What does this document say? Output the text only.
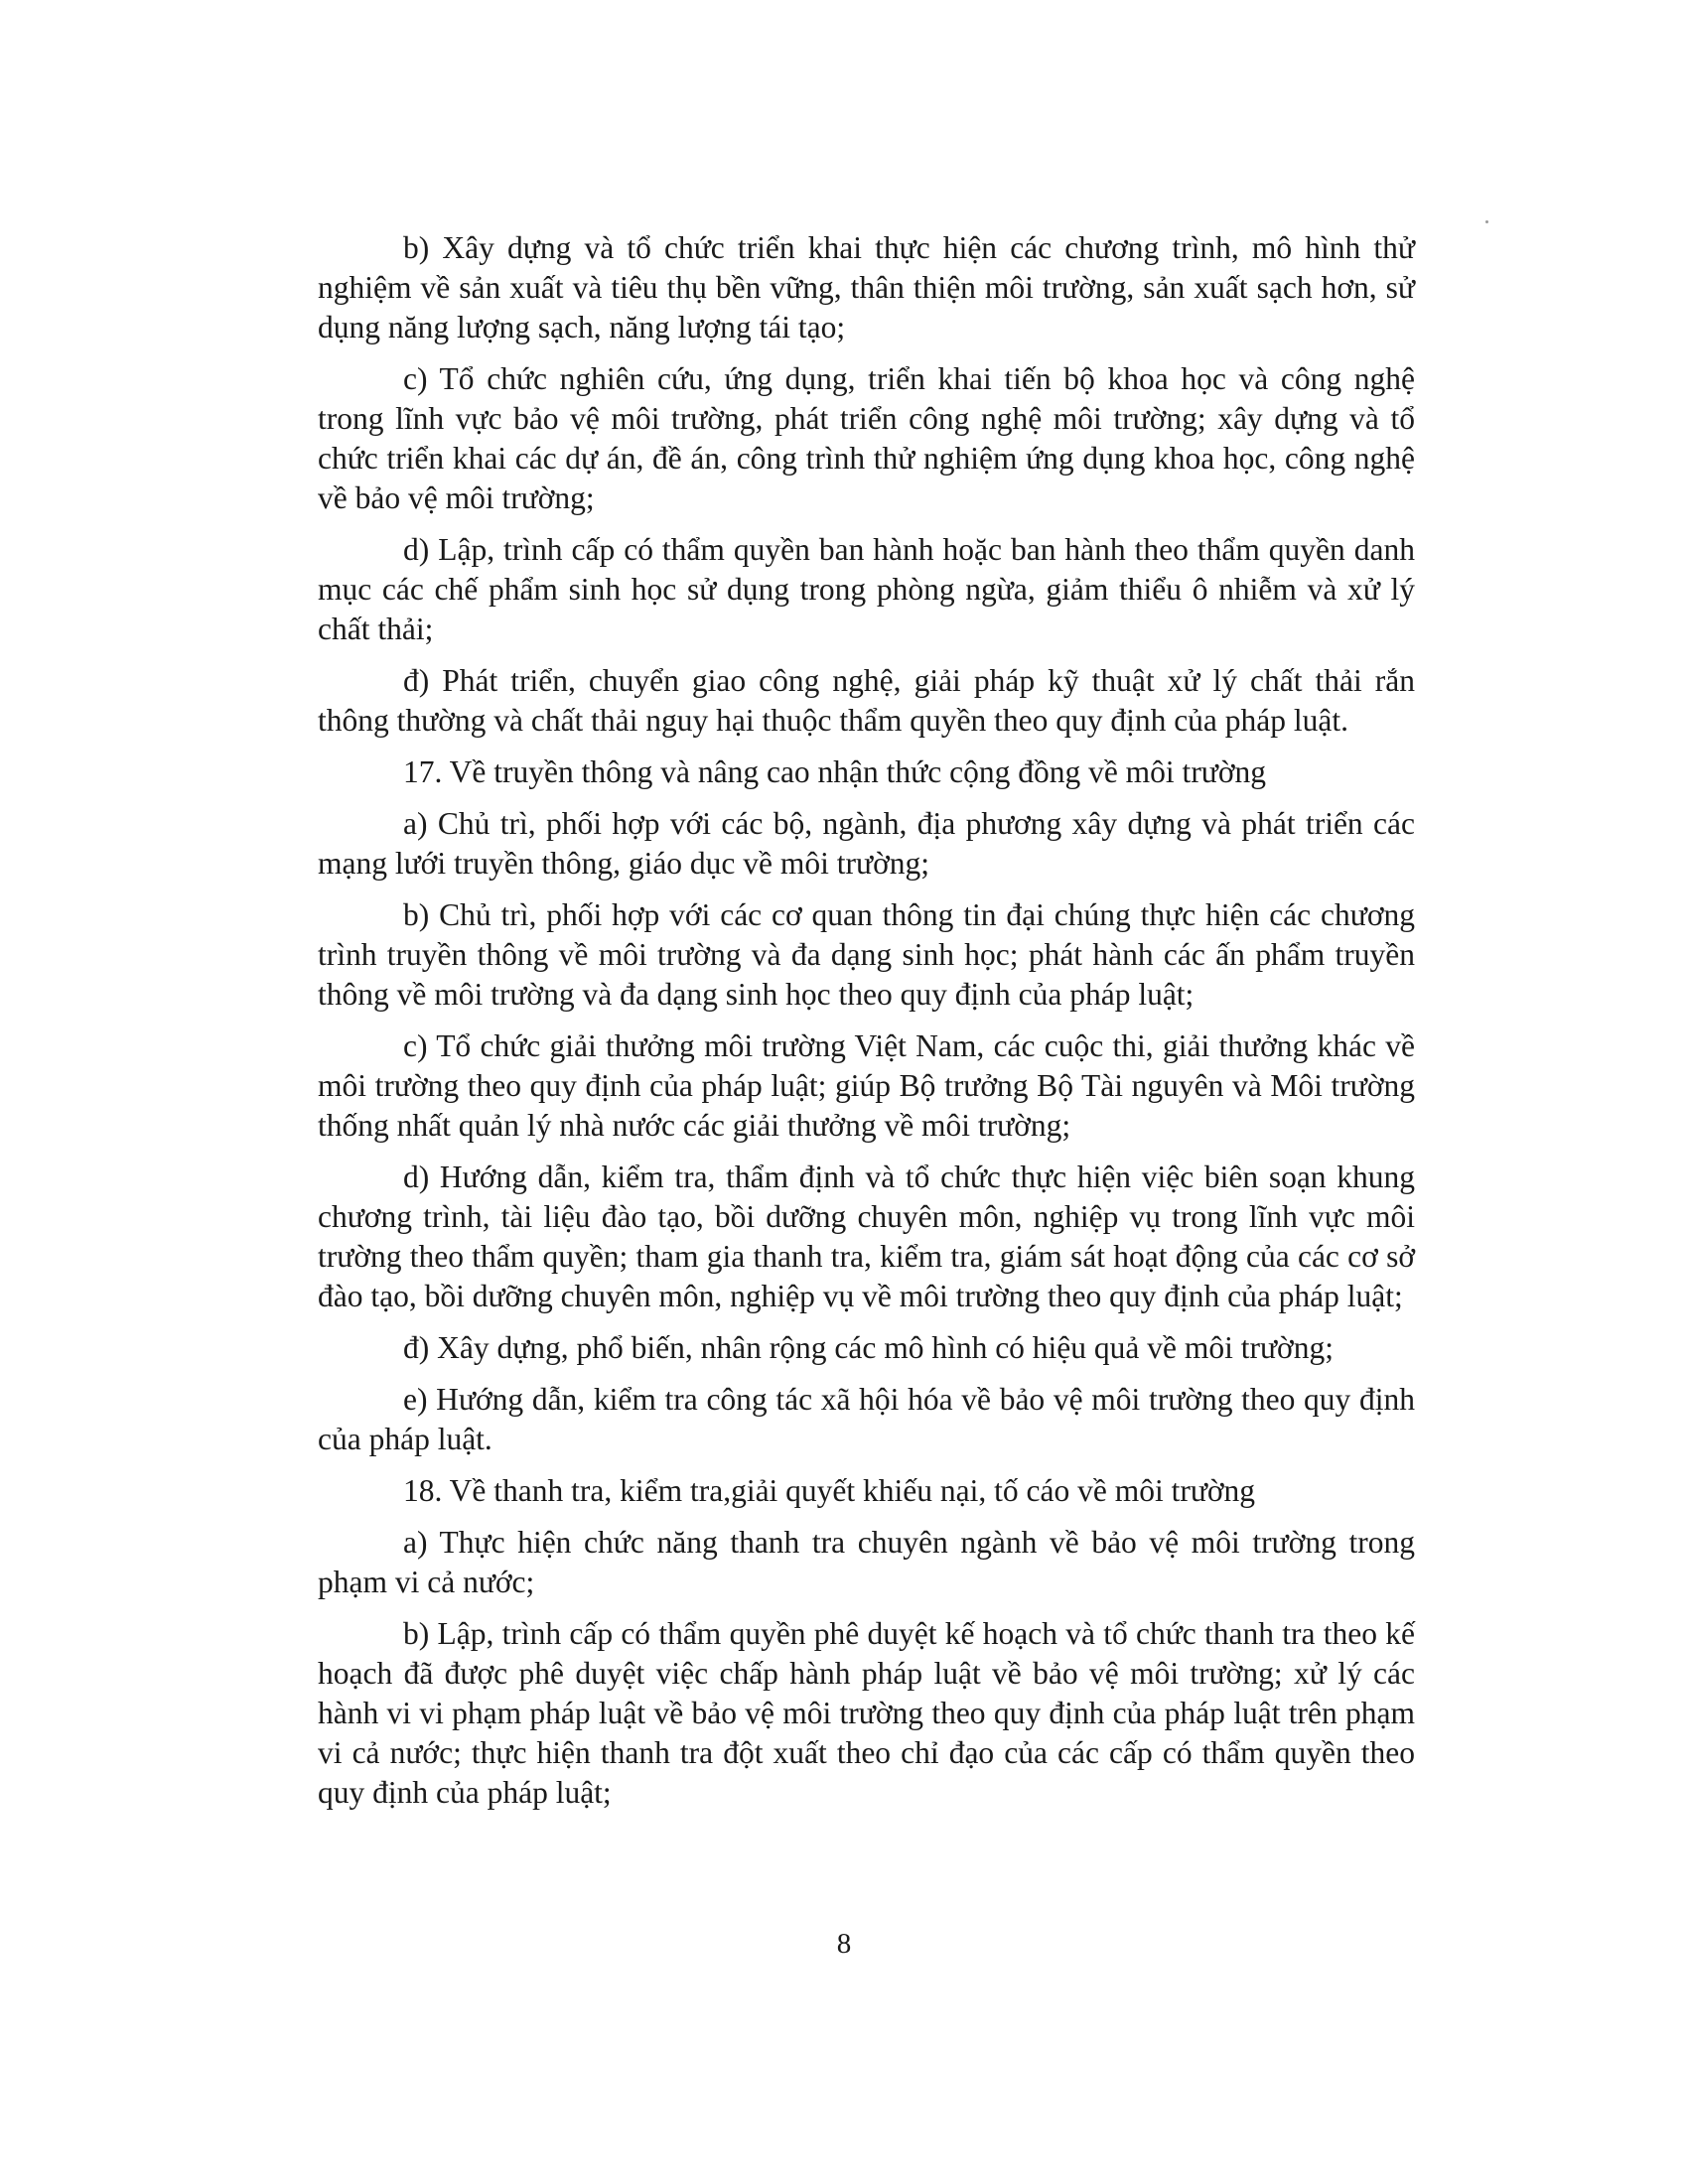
b) Xây dựng và tổ chức triển khai thực hiện các chương trình, mô hình thử nghiệm về sản xuất và tiêu thụ bền vững, thân thiện môi trường, sản xuất sạch hơn, sử dụng năng lượng sạch, năng lượng tái tạo;

c) Tổ chức nghiên cứu, ứng dụng, triển khai tiến bộ khoa học và công nghệ trong lĩnh vực bảo vệ môi trường, phát triển công nghệ môi trường; xây dựng và tổ chức triển khai các dự án, đề án, công trình thử nghiệm ứng dụng khoa học, công nghệ về bảo vệ môi trường;

d) Lập, trình cấp có thẩm quyền ban hành hoặc ban hành theo thẩm quyền danh mục các chế phẩm sinh học sử dụng trong phòng ngừa, giảm thiểu ô nhiễm và xử lý chất thải;

đ) Phát triển, chuyển giao công nghệ, giải pháp kỹ thuật xử lý chất thải rắn thông thường và chất thải nguy hại thuộc thẩm quyền theo quy định của pháp luật.

17. Về truyền thông và nâng cao nhận thức cộng đồng về môi trường

a) Chủ trì, phối hợp với các bộ, ngành, địa phương xây dựng và phát triển các mạng lưới truyền thông, giáo dục về môi trường;

b) Chủ trì, phối hợp với các cơ quan thông tin đại chúng thực hiện các chương trình truyền thông về môi trường và đa dạng sinh học; phát hành các ấn phẩm truyền thông về môi trường và đa dạng sinh học theo quy định của pháp luật;

c) Tổ chức giải thưởng môi trường Việt Nam, các cuộc thi, giải thưởng khác về môi trường theo quy định của pháp luật; giúp Bộ trưởng Bộ Tài nguyên và Môi trường thống nhất quản lý nhà nước các giải thưởng về môi trường;

d) Hướng dẫn, kiểm tra, thẩm định và tổ chức thực hiện việc biên soạn khung chương trình, tài liệu đào tạo, bồi dưỡng chuyên môn, nghiệp vụ trong lĩnh vực môi trường theo thẩm quyền; tham gia thanh tra, kiểm tra, giám sát hoạt động của các cơ sở đào tạo, bồi dưỡng chuyên môn, nghiệp vụ về môi trường theo quy định của pháp luật;

đ) Xây dựng, phổ biến, nhân rộng các mô hình có hiệu quả về môi trường;

e) Hướng dẫn, kiểm tra công tác xã hội hóa về bảo vệ môi trường theo quy định của pháp luật.

18. Về thanh tra, kiểm tra,giải quyết khiếu nại, tố cáo về môi trường

a) Thực hiện chức năng thanh tra chuyên ngành về bảo vệ môi trường trong phạm vi cả nước;

b) Lập, trình cấp có thẩm quyền phê duyệt kế hoạch và tổ chức thanh tra theo kế hoạch đã được phê duyệt việc chấp hành pháp luật về bảo vệ môi trường; xử lý các hành vi vi phạm pháp luật về bảo vệ môi trường theo quy định của pháp luật trên phạm vi cả nước; thực hiện thanh tra đột xuất theo chỉ đạo của các cấp có thẩm quyền theo quy định của pháp luật;

8
